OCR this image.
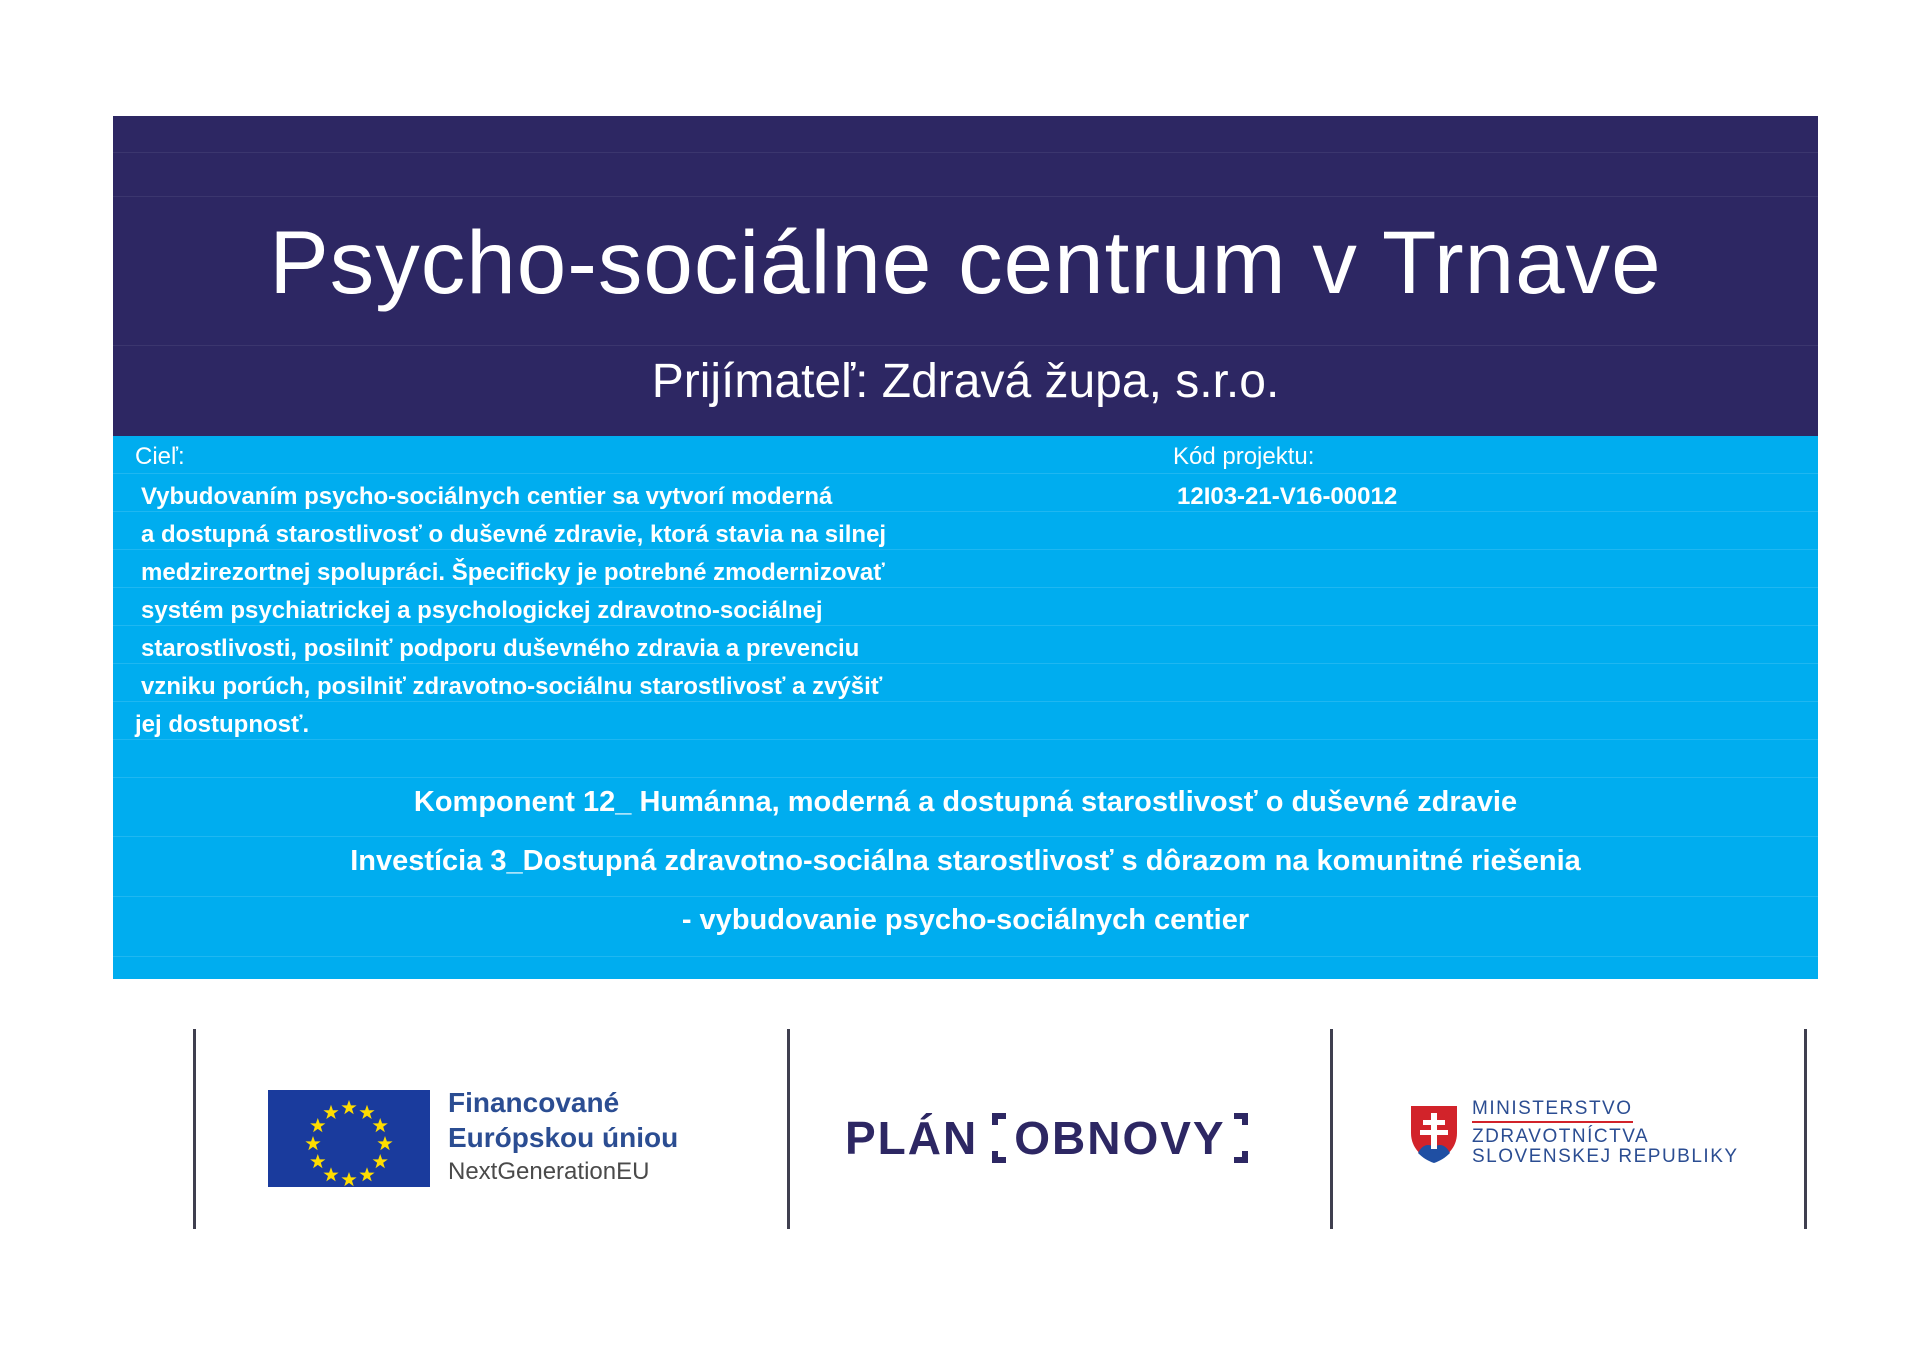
Psycho-sociálne centrum v Trnave
Prijímateľ: Zdravá župa, s.r.o.
Cieľ:
Vybudovaním psycho-sociálnych centier sa vytvorí moderná
a dostupná starostlivosť o duševné zdravie, ktorá stavia na silnej
medzirezortnej spolupráci. Špecificky je potrebné zmodernizovať
systém psychiatrickej a psychologickej zdravotno-sociálnej
starostlivosti, posilniť podporu duševného zdravia a prevenciu
vzniku porúch, posilniť zdravotno-sociálnu starostlivosť a zvýšiť
jej dostupnosť.
Kód projektu:
12I03-21-V16-00012
Komponent 12_ Humánna, moderná a dostupná starostlivosť o duševné zdravie
Investícia 3_Dostupná zdravotno-sociálna starostlivosť s dôrazom na komunitné riešenia
- vybudovanie psycho-sociálnych centier
Financované
Európskou úniou
NextGenerationEU
PLÁN OBNOVY
MINISTERSTVO
ZDRAVOTNÍCTVA
SLOVENSKEJ REPUBLIKY
